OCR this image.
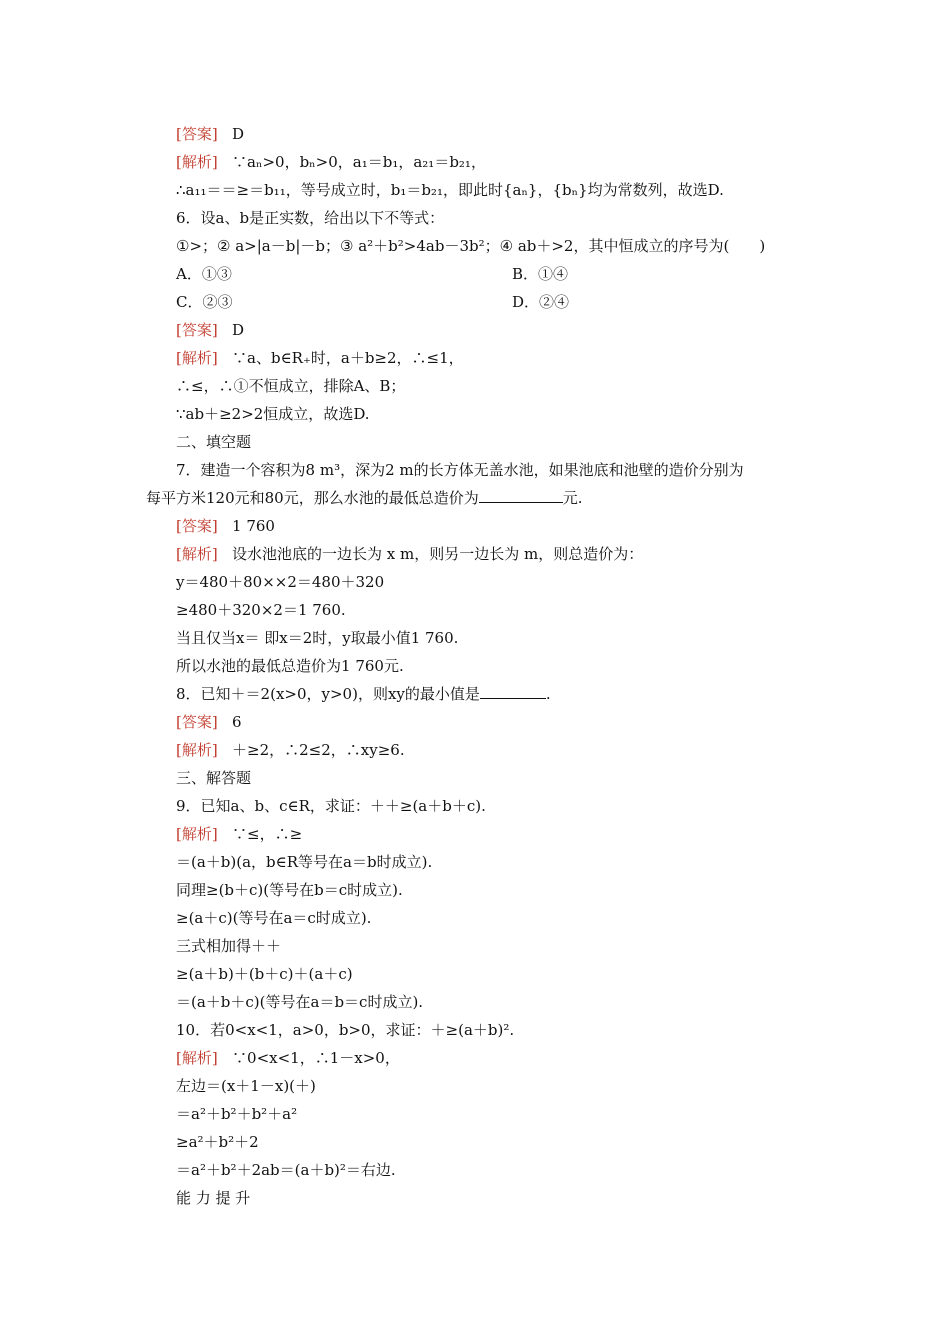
[答案] D
[解析] ∵aₙ>0，bₙ>0，a₁＝b₁，a₂₁＝b₂₁，
∴a₁₁＝＝≥＝b₁₁，等号成立时，b₁＝b₂₁，即此时{aₙ}，{bₙ}均为常数列，故选D.
6．设a、b是正实数，给出以下不等式：
①>；② a>|a－b|－b；③ a²＋b²>4ab－3b²；④ ab＋>2，其中恒成立的序号为(　　)
A．①③	B．①④
C．②③	D．②④
[答案] D
[解析] ∵a、b∈R₊时，a＋b≥2，∴≤1，
∴≤，∴①不恒成立，排除A、B；
∵ab＋≥2>2恒成立，故选D.
二、填空题
7．建造一个容积为8 m³，深为2 m的长方体无盖水池，如果池底和池壁的造价分别为
每平方米120元和80元，那么水池的最低总造价为	元.
[答案] 1 760
[解析] 设水池池底的一边长为 x m，则另一边长为 m，则总造价为：
y＝480＋80××2＝480＋320
≥480＋320×2＝1 760.
当且仅当x＝ 即x＝2时，y取最小值1 760.
所以水池的最低总造价为1 760元.
8．已知＋＝2(x>0，y>0)，则xy的最小值是	.
[答案] 6
[解析] ＋≥2，∴2≤2，∴xy≥6.
三、解答题
9．已知a、b、c∈R，求证：＋＋≥(a＋b＋c).
[解析] ∵≤，∴≥
＝(a＋b)(a，b∈R等号在a＝b时成立).
同理≥(b＋c)(等号在b＝c时成立).
≥(a＋c)(等号在a＝c时成立).
三式相加得＋＋
≥(a＋b)＋(b＋c)＋(a＋c)
＝(a＋b＋c)(等号在a＝b＝c时成立).
10．若0<x<1，a>0，b>0，求证：＋≥(a＋b)².
[解析] ∵0<x<1，∴1－x>0，
左边＝(x＋1－x)(＋)
＝a²＋b²＋b²＋a²
≥a²＋b²＋2
＝a²＋b²＋2ab＝(a＋b)²＝右边.
能 力 提 升
